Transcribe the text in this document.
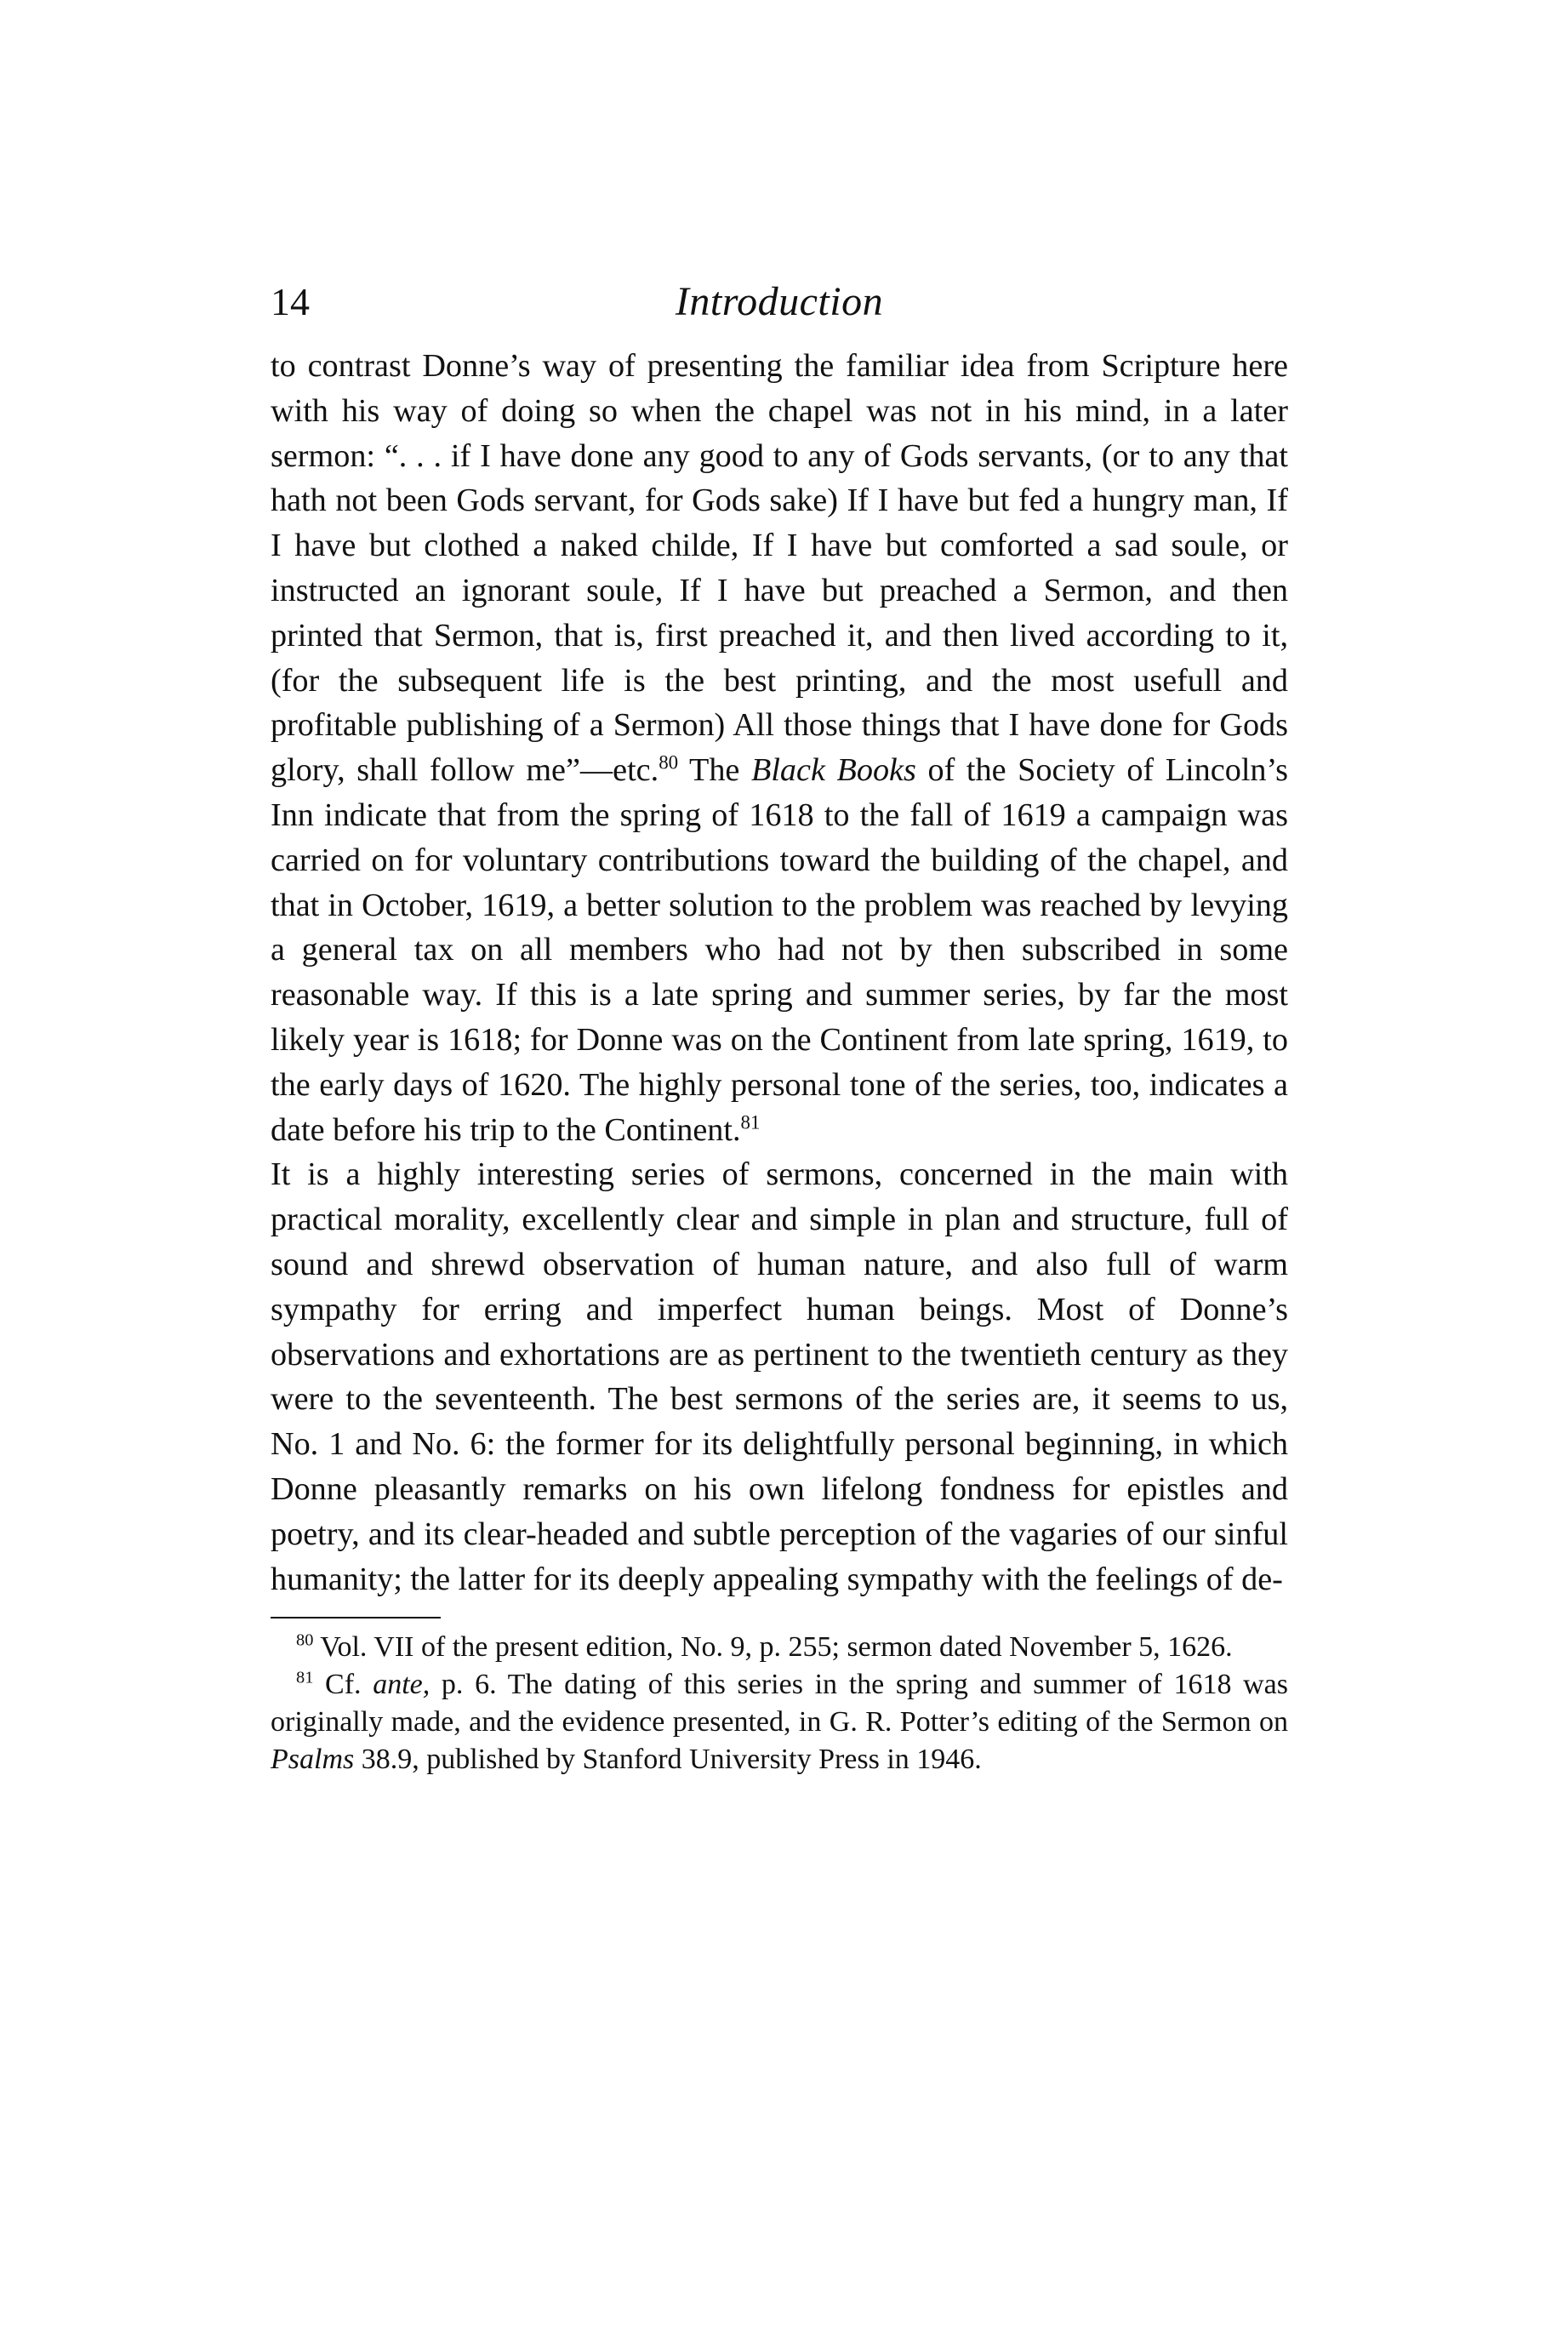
14	Introduction

to contrast Donne’s way of presenting the familiar idea from Scripture here with his way of doing so when the chapel was not in his mind, in a later sermon: “. . . if I have done any good to any of Gods servants, (or to any that hath not been Gods servant, for Gods sake) If I have but fed a hungry man, If I have but clothed a naked childe, If I have but comforted a sad soule, or instructed an ignorant soule, If I have but preached a Sermon, and then printed that Sermon, that is, first preached it, and then lived according to it, (for the subsequent life is the best printing, and the most usefull and profitable publishing of a Sermon) All those things that I have done for Gods glory, shall follow me”—etc.$^{80}$ The Black Books of the Society of Lincoln’s Inn indicate that from the spring of 1618 to the fall of 1619 a campaign was carried on for voluntary contributions toward the building of the chapel, and that in October, 1619, a better solution to the problem was reached by levying a general tax on all members who had not by then subscribed in some reasonable way. If this is a late spring and summer series, by far the most likely year is 1618; for Donne was on the Continent from late spring, 1619, to the early days of 1620. The highly personal tone of the series, too, indicates a date before his trip to the Continent.$^{81}$

It is a highly interesting series of sermons, concerned in the main with practical morality, excellently clear and simple in plan and structure, full of sound and shrewd observation of human nature, and also full of warm sympathy for erring and imperfect human beings. Most of Donne’s observations and exhortations are as pertinent to the twentieth century as they were to the seventeenth. The best sermons of the series are, it seems to us, No. 1 and No. 6: the former for its delightfully personal beginning, in which Donne pleasantly remarks on his own lifelong fondness for epistles and poetry, and its clear-headed and subtle perception of the vagaries of our sinful humanity; the latter for its deeply appealing sympathy with the feelings of de-

$^{80}$ Vol. VII of the present edition, No. 9, p. 255; sermon dated November 5, 1626.

$^{81}$ Cf. ante, p. 6. The dating of this series in the spring and summer of 1618 was originally made, and the evidence presented, in G. R. Potter’s editing of the Sermon on Psalms 38.9, published by Stanford University Press in 1946.
